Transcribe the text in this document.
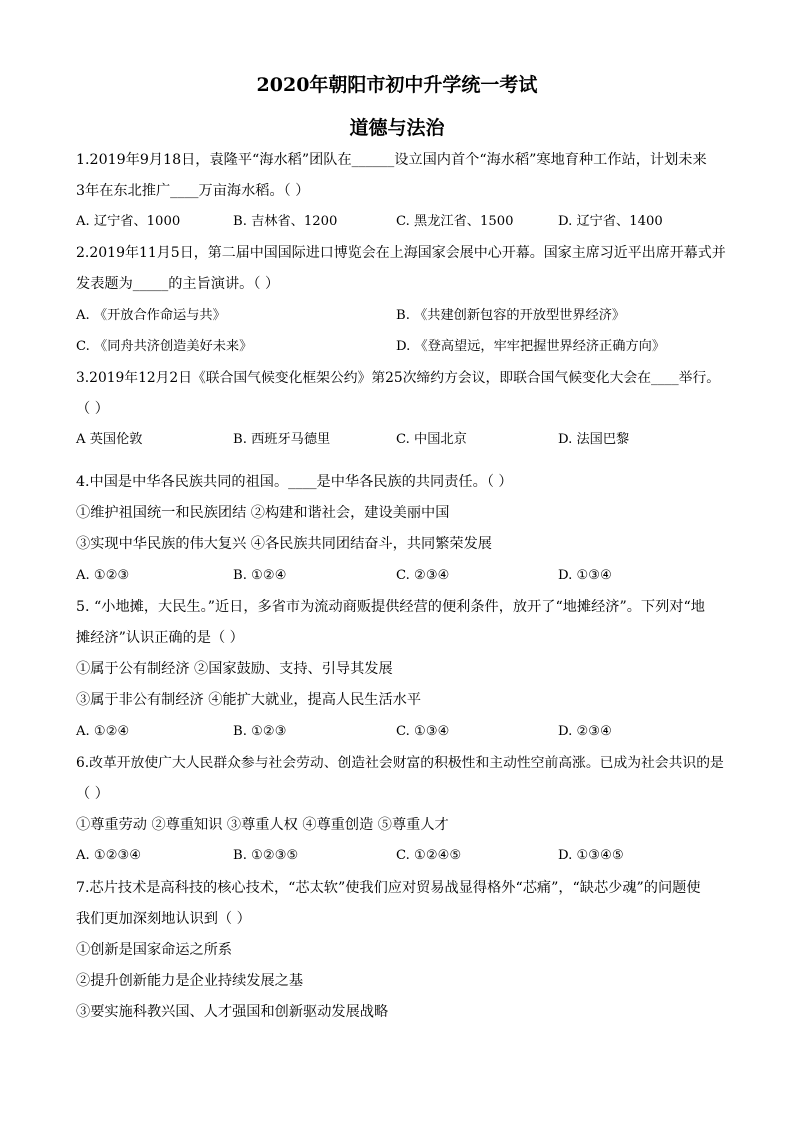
2020年朝阳市初中升学统一考试
道德与法治
1.2019年9月18日，袁隆平“海水稻”团队在______设立国内首个“海水稻”寒地育种工作站，计划未来
3年在东北推广____万亩海水稻。（ ）
A. 辽宁省、1000	B. 吉林省、1200	C. 黑龙江省、1500	D. 辽宁省、1400
2.2019年11月5日，第二届中国国际进口博览会在上海国家会展中心开幕。国家主席习近平出席开幕式并
发表题为_____的主旨演讲。（ ）
A. 《开放合作命运与共》	B. 《共建创新包容的开放型世界经济》
C. 《同舟共济创造美好未来》	D. 《登高望远，牢牢把握世界经济正确方向》
3.2019年12月2日《联合国气候变化框架公约》第25次缔约方会议，即联合国气候变化大会在____举行。
（ ）
A 英国伦敦	B. 西班牙马德里	C. 中国北京	D. 法国巴黎
4.中国是中华各民族共同的祖国。____是中华各民族的共同责任。（ ）
①维护祖国统一和民族团结 ②构建和谐社会，建设美丽中国
③实现中华民族的伟大复兴 ④各民族共同团结奋斗，共同繁荣发展
A. ①②③	B. ①②④	C. ②③④	D. ①③④
5. “小地摊，大民生。”近日，多省市为流动商贩提供经营的便利条件，放开了“地摊经济”。下列对“地
摊经济”认识正确的是（ ）
①属于公有制经济 ②国家鼓励、支持、引导其发展
③属于非公有制经济 ④能扩大就业，提高人民生活水平
A. ①②④	B. ①②③	C. ①③④	D. ②③④
6.改革开放使广大人民群众参与社会劳动、创造社会财富的积极性和主动性空前高涨。已成为社会共识的是
（ ）
①尊重劳动 ②尊重知识 ③尊重人权 ④尊重创造 ⑤尊重人才
A. ①②③④	B. ①②③⑤	C. ①②④⑤	D. ①③④⑤
7.芯片技术是高科技的核心技术，“芯太软”使我们应对贸易战显得格外“芯痛”，“缺芯少魂”的问题使
我们更加深刻地认识到（ ）
①创新是国家命运之所系
②提升创新能力是企业持续发展之基
③要实施科教兴国、人才强国和创新驱动发展战略
